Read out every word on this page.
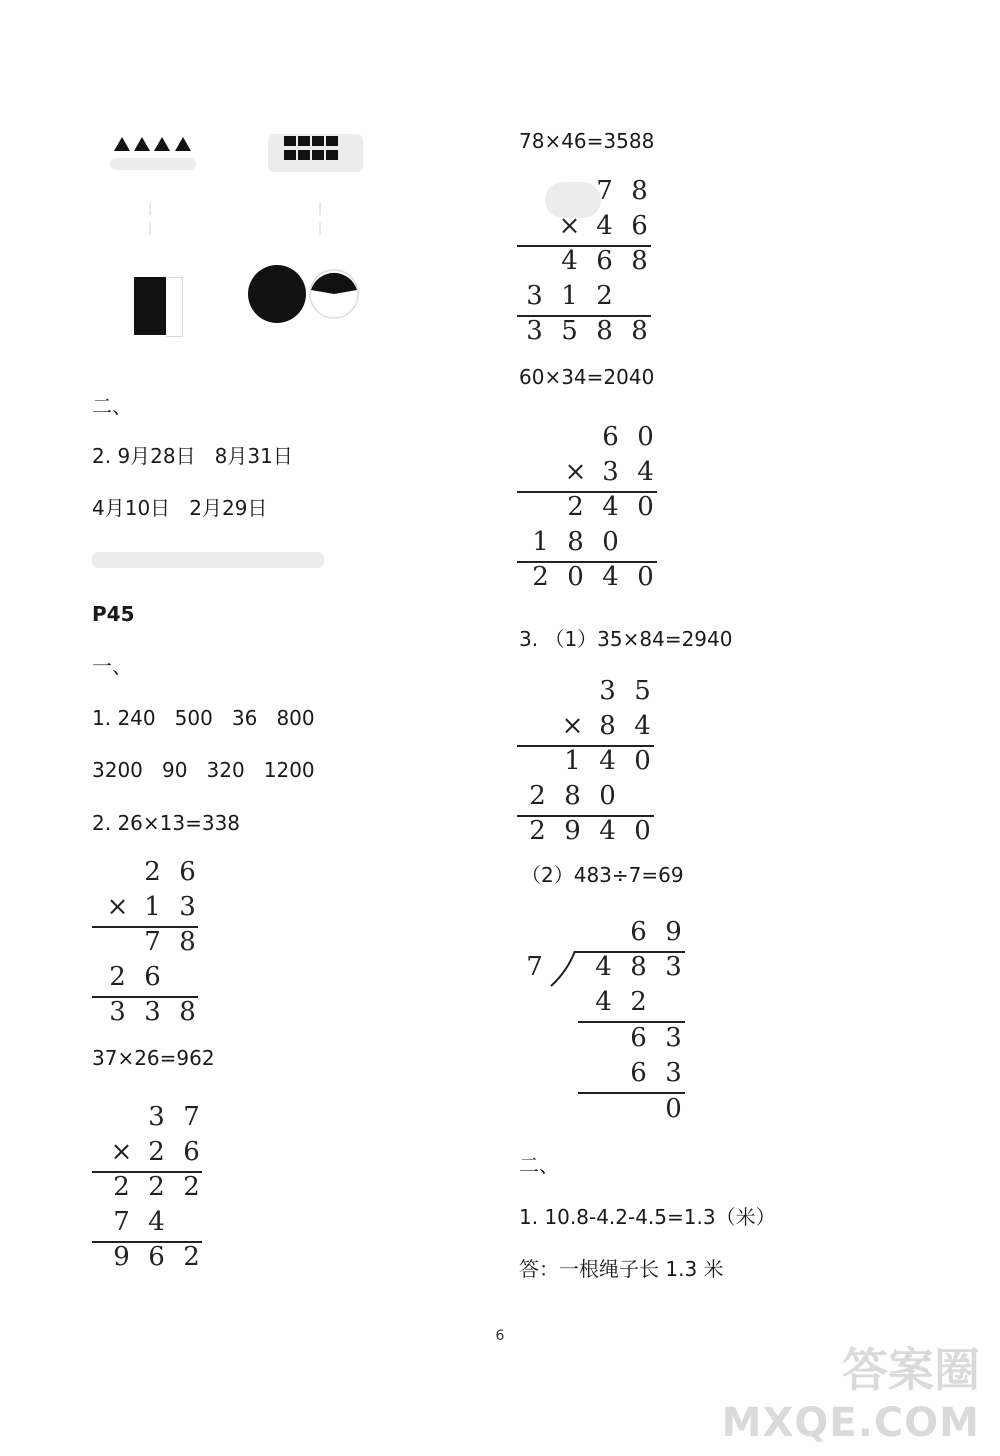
|
|
|
|
二、
2. 9月28日   8月31日
4月10日   2月29日
P45
一、
1. 240   500   36   800
3200   90   320   1200
2. 26×13=338
2 6
× 1 3
7 8
2 6
3 3 8
37×26=962
3 7
× 2 6
2 2 2
7 4
9 6 2
78×46=3588
7 8
× 4 6
4 6 8
3 1 2
3 5 8 8
60×34=2040
6 0
× 3 4
2 4 0
1 8 0
2 0 4 0
3. （1）35×84=2940
3 5
× 8 4
1 4 0
2 8 0
2 9 4 0
（2）483÷7=69
6 9
7	4 8 3
4 2
6 3
6 3
0
二、
1. 10.8-4.2-4.5=1.3（米）
答：一根绳子长 1.3 米
6
答案圈
MXQE.COM
